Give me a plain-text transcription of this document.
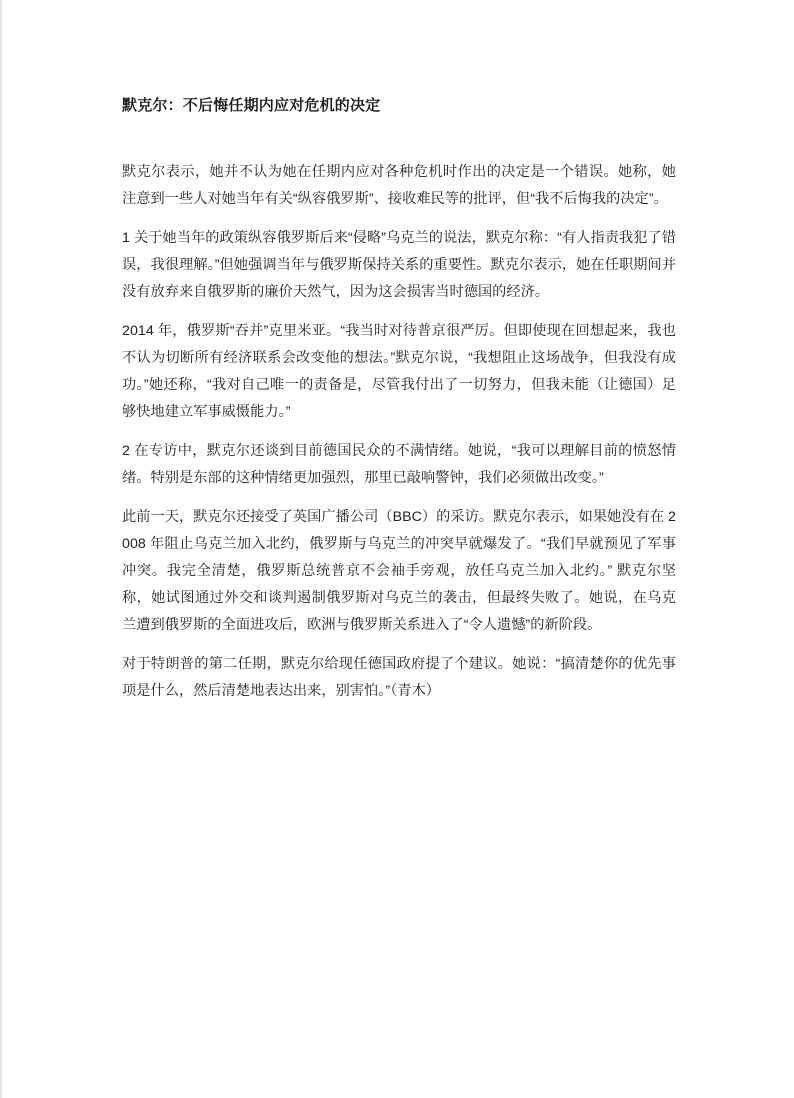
默克尔：不后悔任期内应对危机的决定

默克尔表示，她并不认为她在任期内应对各种危机时作出的决定是一个错误。她称，她注意到一些人对她当年有关“纵容俄罗斯”、接收难民等的批评，但“我不后悔我的决定”。

1 关于她当年的政策纵容俄罗斯后来“侵略”乌克兰的说法，默克尔称：“有人指责我犯了错误，我很理解。”但她强调当年与俄罗斯保持关系的重要性。默克尔表示，她在任职期间并没有放弃来自俄罗斯的廉价天然气，因为这会损害当时德国的经济。

2014 年，俄罗斯“吞并”克里米亚。“我当时对待普京很严厉。但即使现在回想起来，我也不认为切断所有经济联系会改变他的想法。”默克尔说，“我想阻止这场战争，但我没有成功。”她还称，“我对自己唯一的责备是，尽管我付出了一切努力，但我未能（让德国）足够快地建立军事威慑能力。”

2 在专访中，默克尔还谈到目前德国民众的不满情绪。她说，“我可以理解目前的愤怒情绪。特别是东部的这种情绪更加强烈，那里已敲响警钟，我们必须做出改变。”

此前一天，默克尔还接受了英国广播公司（BBC）的采访。默克尔表示，如果她没有在 2008 年阻止乌克兰加入北约，俄罗斯与乌克兰的冲突早就爆发了。“我们早就预见了军事冲突。我完全清楚，俄罗斯总统普京不会袖手旁观，放任乌克兰加入北约。” 默克尔坚称，她试图通过外交和谈判遏制俄罗斯对乌克兰的袭击，但最终失败了。她说，在乌克兰遭到俄罗斯的全面进攻后，欧洲与俄罗斯关系进入了“令人遗憾”的新阶段。

对于特朗普的第二任期，默克尔给现任德国政府提了个建议。她说：“搞清楚你的优先事项是什么，然后清楚地表达出来，别害怕。”（青木）
